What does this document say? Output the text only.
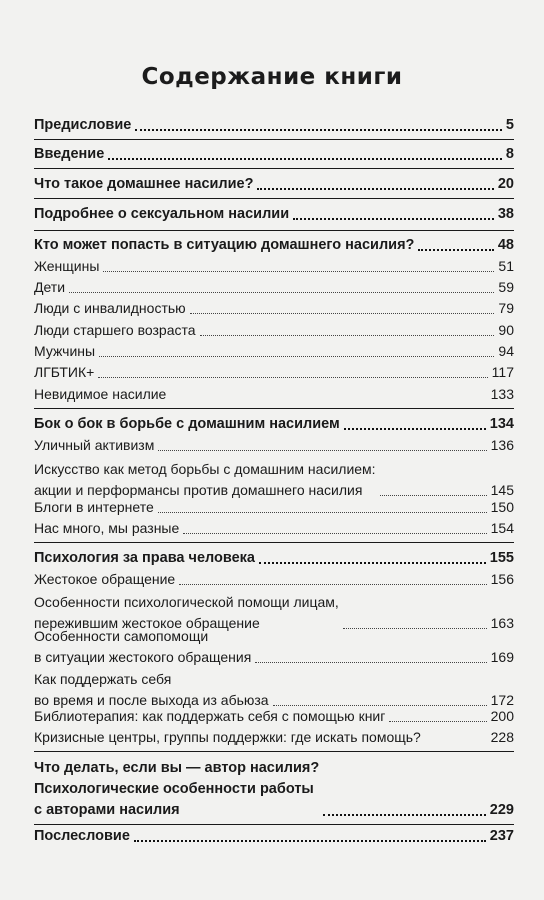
Содержание книги
Предисловие	5
Введение	8
Что такое домашнее насилие?	20
Подробнее о сексуальном насилии	38
Кто может попасть в ситуацию домашнего насилия?	48
Женщины	51
Дети	59
Люди с инвалидностью	79
Люди старшего возраста	90
Мужчины	94
ЛГБТИК+	117
Невидимое насилие	133
Бок о бок в борьбе с домашним насилием	134
Уличный активизм	136
Искусство как метод борьбы с домашним насилием:
акции и перформансы против домашнего насилия	145
Блоги в интернете	150
Нас много, мы разные	154
Психология за права человека	155
Жестокое обращение	156
Особенности психологической помощи лицам,
пережившим жестокое обращение	163
Особенности самопомощи
в ситуации жестокого обращения	169
Как поддержать себя
во время и после выхода из абьюза	172
Библиотерапия: как поддержать себя с помощью книг	200
Кризисные центры, группы поддержки: где искать помощь?	228
Что делать, если вы — автор насилия?
Психологические особенности работы
с авторами насилия	229
Послесловие	237
